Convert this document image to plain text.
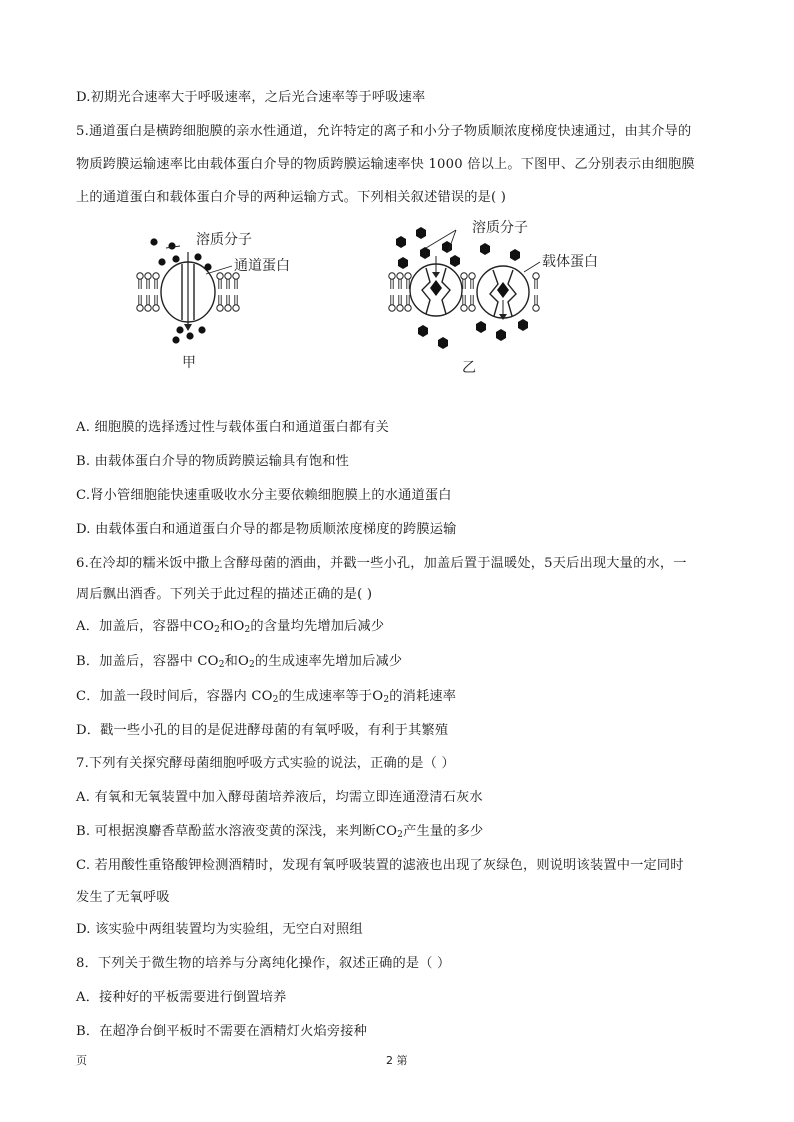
D.初期光合速率大于呼吸速率，之后光合速率等于呼吸速率
5.通道蛋白是横跨细胞膜的亲水性通道，允许特定的离子和小分子物质顺浓度梯度快速通过，由其介导的
物质跨膜运输速率比由载体蛋白介导的物质跨膜运输速率快 1000 倍以上。下图甲、乙分别表示由细胞膜
上的通道蛋白和载体蛋白介导的两种运输方式。下列相关叙述错误的是( )
溶质分子
通道蛋白
甲
溶质分子
载体蛋白
乙
A. 细胞膜的选择透过性与载体蛋白和通道蛋白都有关
B. 由载体蛋白介导的物质跨膜运输具有饱和性
C.肾小管细胞能快速重吸收水分主要依赖细胞膜上的水通道蛋白
D. 由载体蛋白和通道蛋白介导的都是物质顺浓度梯度的跨膜运输
6.在冷却的糯米饭中撒上含酵母菌的酒曲，并戳一些小孔，加盖后置于温暖处，5天后出现大量的水，一
周后飘出酒香。下列关于此过程的描述正确的是( )
A．加盖后，容器中$CO_2$和$O_2$的含量均先增加后减少
B．加盖后，容器中 $CO_2$和$O_2$的生成速率先增加后减少
C．加盖一段时间后，容器内 $CO_2$的生成速率等于$O_2$的消耗速率
D．戳一些小孔的目的是促进酵母菌的有氧呼吸，有利于其繁殖
7.下列有关探究酵母菌细胞呼吸方式实验的说法，正确的是（ ）
A. 有氧和无氧装置中加入酵母菌培养液后，均需立即连通澄清石灰水
B. 可根据溴麝香草酚蓝水溶液变黄的深浅，来判断$CO_2$产生量的多少
C. 若用酸性重铬酸钾检测酒精时，发现有氧呼吸装置的滤液也出现了灰绿色，则说明该装置中一定同时
发生了无氧呼吸
D. 该实验中两组装置均为实验组，无空白对照组
8．下列关于微生物的培养与分离纯化操作，叙述正确的是（ ）
A．接种好的平板需要进行倒置培养
B．在超净台倒平板时不需要在酒精灯火焰旁接种
页	2 第
